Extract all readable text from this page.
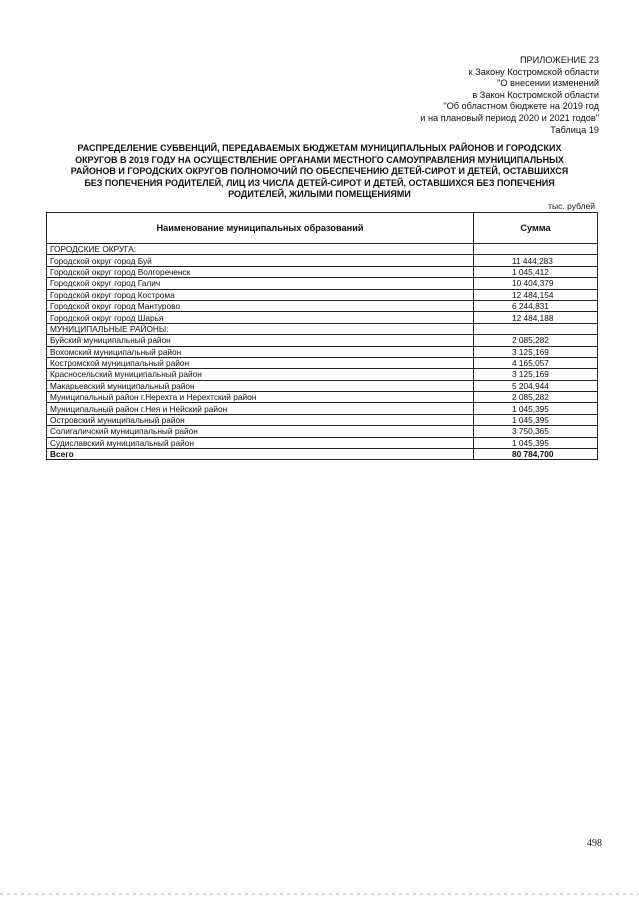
ПРИЛОЖЕНИЕ 23
к Закону Костромской области
"О внесении изменений
в Закон Костромской области
"Об областном бюджете на 2019 год
и на плановый период 2020 и 2021 годов"
Таблица 19
РАСПРЕДЕЛЕНИЕ СУБВЕНЦИЙ, ПЕРЕДАВАЕМЫХ БЮДЖЕТАМ МУНИЦИПАЛЬНЫХ РАЙОНОВ И ГОРОДСКИХ
ОКРУГОВ В 2019 ГОДУ НА ОСУЩЕСТВЛЕНИЕ ОРГАНАМИ МЕСТНОГО САМОУПРАВЛЕНИЯ МУНИЦИПАЛЬНЫХ
РАЙОНОВ И ГОРОДСКИХ ОКРУГОВ ПОЛНОМОЧИЙ ПО ОБЕСПЕЧЕНИЮ ДЕТЕЙ-СИРОТ И ДЕТЕЙ, ОСТАВШИХСЯ
БЕЗ ПОПЕЧЕНИЯ РОДИТЕЛЕЙ, ЛИЦ ИЗ ЧИСЛА ДЕТЕЙ-СИРОТ И ДЕТЕЙ, ОСТАВШИХСЯ БЕЗ ПОПЕЧЕНИЯ
РОДИТЕЛЕЙ, ЖИЛЫМИ ПОМЕЩЕНИЯМИ
тыс. рублей
Наименование муниципальных образований	Сумма
ГОРОДСКИЕ ОКРУГА:	
Городской округ город Буй	11 444,283
Городской округ город Волгореченск	1 045,412
Городской округ город Галич	10 404,379
Городской округ город Кострома	12 484,154
Городской округ город Мантурово	6 244,831
Городской округ город Шарья	12 484,188
МУНИЦИПАЛЬНЫЕ РАЙОНЫ:	
Буйский муниципальный район	2 085,282
Вохомский муниципальный район	3 125,169
Костромской муниципальный район	4 165,057
Красносельский муниципальный район	3 125,169
Макарьевский муниципальный район	5 204,944
Муниципальный район г.Нерехта и Нерехтский район	2 085,282
Муниципальный район г.Нея и Нейский район	1 045,395
Островский муниципальный район	1 045,395
Солигаличский муниципальный район	3 750,365
Судиславский муниципальный район	1 045,395
Всего	80 784,700
498
